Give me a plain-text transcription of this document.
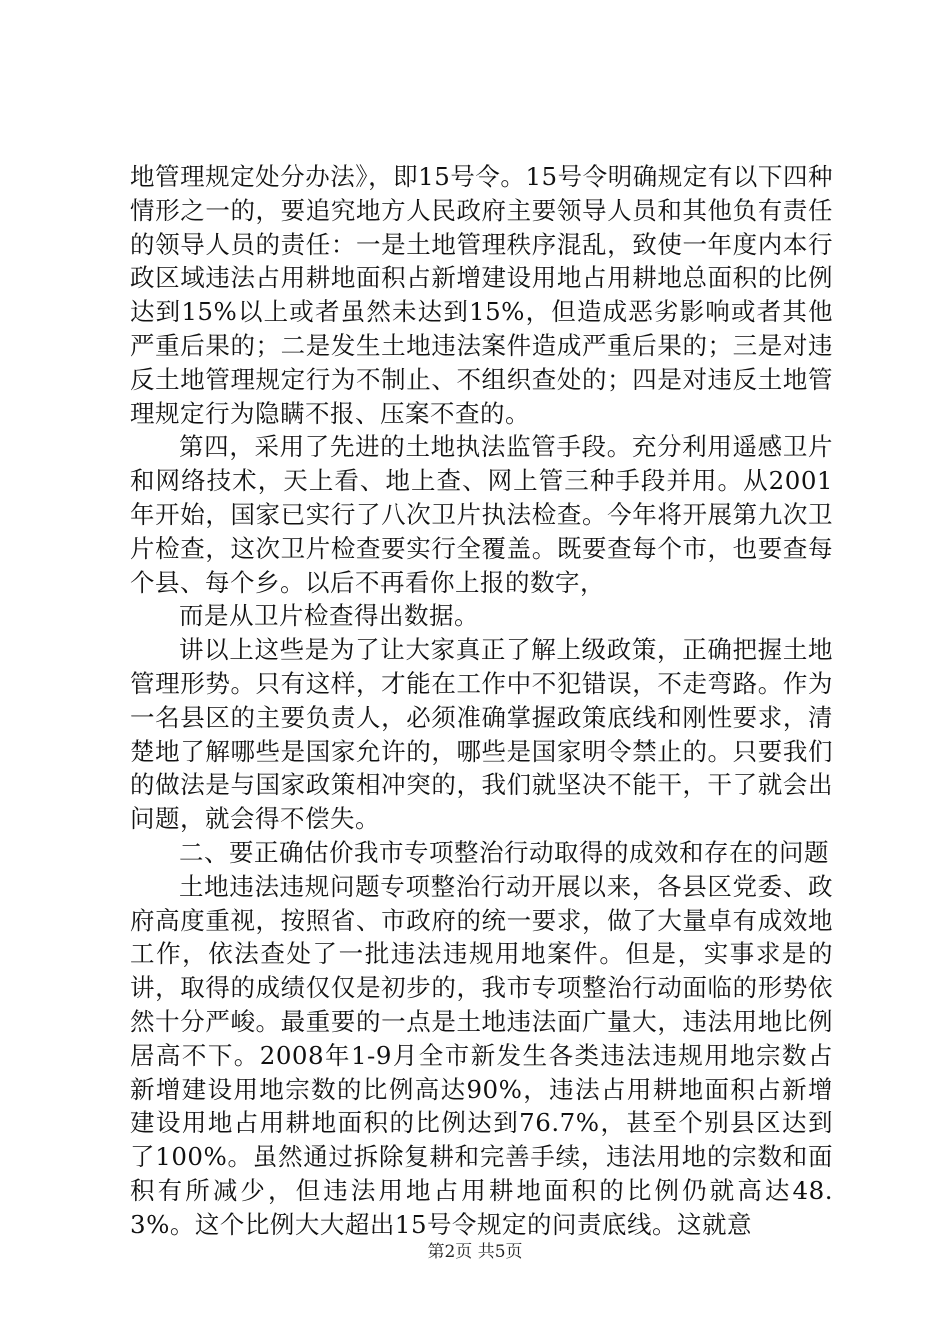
地管理规定处分办法》，即15号令。15号令明确规定有以下四种情形之一的，要追究地方人民政府主要领导人员和其他负有责任的领导人员的责任：一是土地管理秩序混乱，致使一年度内本行政区域违法占用耕地面积占新增建设用地占用耕地总面积的比例达到15%以上或者虽然未达到15%，但造成恶劣影响或者其他严重后果的；二是发生土地违法案件造成严重后果的；三是对违反土地管理规定行为不制止、不组织查处的；四是对违反土地管理规定行为隐瞒不报、压案不查的。

第四，采用了先进的土地执法监管手段。充分利用遥感卫片和网络技术，天上看、地上查、网上管三种手段并用。从2001年开始，国家已实行了八次卫片执法检查。今年将开展第九次卫片检查，这次卫片检查要实行全覆盖。既要查每个市，也要查每个县、每个乡。以后不再看你上报的数字，

而是从卫片检查得出数据。

讲以上这些是为了让大家真正了解上级政策，正确把握土地管理形势。只有这样，才能在工作中不犯错误，不走弯路。作为一名县区的主要负责人，必须准确掌握政策底线和刚性要求，清楚地了解哪些是国家允许的，哪些是国家明令禁止的。只要我们的做法是与国家政策相冲突的，我们就坚决不能干，干了就会出问题，就会得不偿失。

二、要正确估价我市专项整治行动取得的成效和存在的问题

土地违法违规问题专项整治行动开展以来，各县区党委、政府高度重视，按照省、市政府的统一要求，做了大量卓有成效地工作，依法查处了一批违法违规用地案件。但是，实事求是的讲，取得的成绩仅仅是初步的，我市专项整治行动面临的形势依然十分严峻。最重要的一点是土地违法面广量大，违法用地比例居高不下。2008年1-9月全市新发生各类违法违规用地宗数占新增建设用地宗数的比例高达90%，违法占用耕地面积占新增建设用地占用耕地面积的比例达到76.7%，甚至个别县区达到了100%。虽然通过拆除复耕和完善手续，违法用地的宗数和面积有所减少，但违法用地占用耕地面积的比例仍就高达48.3%。这个比例大大超出15号令规定的问责底线。这就意

第2页 共5页
